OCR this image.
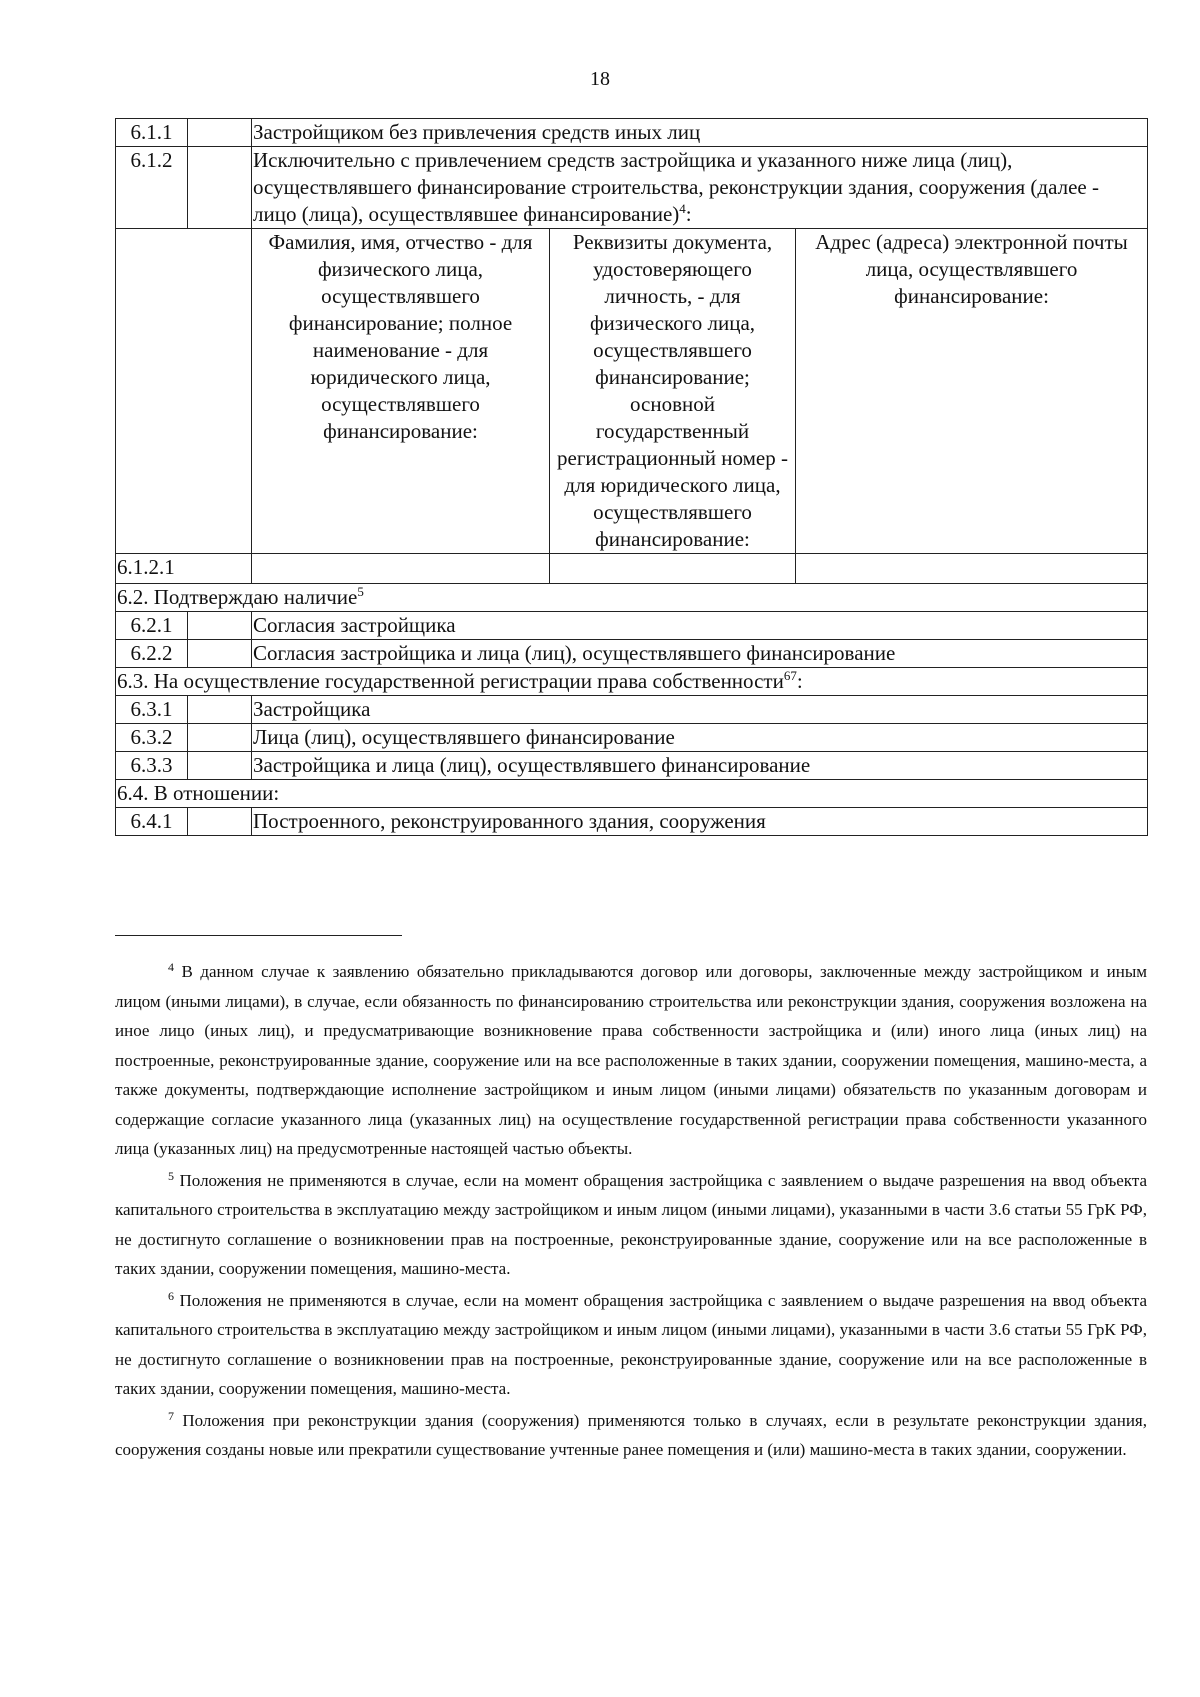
18
6.1.1		Застройщиком без привлечения средств иных лиц		
6.1.2		Исключительно с привлечением средств застройщика и указанного ниже лица (лиц), осуществлявшего финансирование строительства, реконструкции здания, сооружения (далее - лицо (лица), осуществлявшее финансирование)$^4$:		
		Фамилия, имя, отчество - для физического лица, осуществлявшего финансирование; полное наименование - для юридического лица, осуществлявшего финансирование:	Реквизиты документа, удостоверяющего личность, - для физического лица, осуществлявшего финансирование; основной государственный регистрационный номер - для юридического лица, осуществлявшего финансирование:	Адрес (адреса) электронной почты лица, осуществлявшего финансирование:
6.1.2.1				
6.2. Подтверждаю наличие$^5$
6.2.1		Согласия застройщика		
6.2.2		Согласия застройщика и лица (лиц), осуществлявшего финансирование		
6.3. На осуществление государственной регистрации права собственности$^{67}$:				
6.3.1		Застройщика		
6.3.2		Лица (лиц), осуществлявшего финансирование		
6.3.3		Застройщика и лица (лиц), осуществлявшего финансирование		
6.4. В отношении:				
6.4.1		Построенного, реконструированного здания, сооружения		

$^4$ В данном случае к заявлению обязательно прикладываются договор или договоры, заключенные между застройщиком и иным лицом (иными лицами), в случае, если обязанность по финансированию строительства или реконструкции здания, сооружения возложена на иное лицо (иных лиц), и предусматривающие возникновение права собственности застройщика и (или) иного лица (иных лиц) на построенные, реконструированные здание, сооружение или на все расположенные в таких здании, сооружении помещения, машино-места, а также документы, подтверждающие исполнение застройщиком и иным лицом (иными лицами) обязательств по указанным договорам и содержащие согласие указанного лица (указанных лиц) на осуществление государственной регистрации права собственности указанного лица (указанных лиц) на предусмотренные настоящей частью объекты.

$^5$ Положения не применяются в случае, если на момент обращения застройщика с заявлением о выдаче разрешения на ввод объекта капитального строительства в эксплуатацию между застройщиком и иным лицом (иными лицами), указанными в части 3.6 статьи 55 ГрК РФ, не достигнуто соглашение о возникновении прав на построенные, реконструированные здание, сооружение или на все расположенные в таких здании, сооружении помещения, машино-места.

$^6$ Положения не применяются в случае, если на момент обращения застройщика с заявлением о выдаче разрешения на ввод объекта капитального строительства в эксплуатацию между застройщиком и иным лицом (иными лицами), указанными в части 3.6 статьи 55 ГрК РФ, не достигнуто соглашение о возникновении прав на построенные, реконструированные здание, сооружение или на все расположенные в таких здании, сооружении помещения, машино-места.

$^7$ Положения при реконструкции здания (сооружения) применяются только в случаях, если в результате реконструкции здания, сооружения созданы новые или прекратили существование учтенные ранее помещения и (или) машино-места в таких здании, сооружении.
